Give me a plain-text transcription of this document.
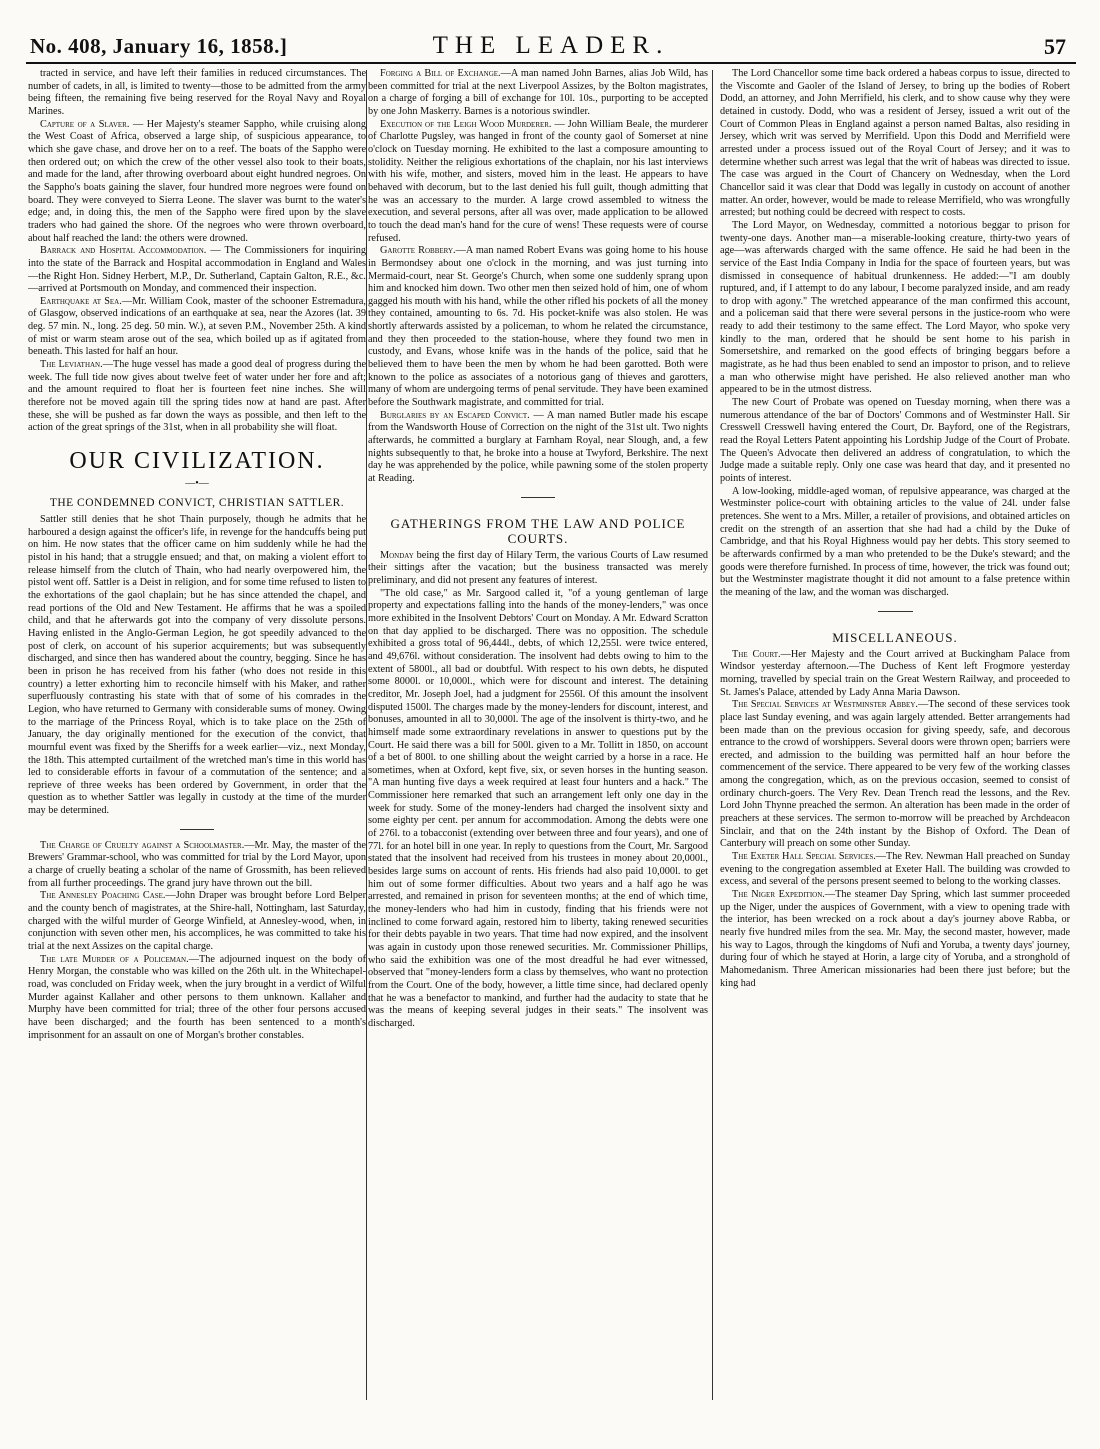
No. 408, January 16, 1858.]	THE LEADER.	57

tracted in service, and have left their families in reduced circumstances. The number of cadets, in all, is limited to twenty—those to be admitted from the army being fifteen, the remaining five being reserved for the Royal Navy and Royal Marines.

Capture of a Slaver. — Her Majesty's steamer Sappho, while cruising along the West Coast of Africa, observed a large ship, of suspicious appearance, to which she gave chase, and drove her on to a reef. The boats of the Sappho were then ordered out; on which the crew of the other vessel also took to their boats, and made for the land, after throwing overboard about eight hundred negroes. On the Sappho's boats gaining the slaver, four hundred more negroes were found on board. They were conveyed to Sierra Leone. The slaver was burnt to the water's edge; and, in doing this, the men of the Sappho were fired upon by the slave traders who had gained the shore. Of the negroes who were thrown overboard, about half reached the land: the others were drowned.

Barrack and Hospital Accommodation. — The Commissioners for inquiring into the state of the Barrack and Hospital accommodation in England and Wales—the Right Hon. Sidney Herbert, M.P., Dr. Sutherland, Captain Galton, R.E., &c.—arrived at Portsmouth on Monday, and commenced their inspection.

Earthquake at Sea.—Mr. William Cook, master of the schooner Estremadura, of Glasgow, observed indications of an earthquake at sea, near the Azores (lat. 39 deg. 57 min. N., long. 25 deg. 50 min. W.), at seven P.M., November 25th. A kind of mist or warm steam arose out of the sea, which boiled up as if agitated from beneath. This lasted for half an hour.

The Leviathan.—The huge vessel has made a good deal of progress during the week. The full tide now gives about twelve feet of water under her fore and aft; and the amount required to float her is fourteen feet nine inches. She will therefore not be moved again till the spring tides now at hand are past. After these, she will be pushed as far down the ways as possible, and then left to the action of the great springs of the 31st, when in all probability she will float.

OUR CIVILIZATION.
—•—
THE CONDEMNED CONVICT, CHRISTIAN SATTLER.

Sattler still denies that he shot Thain purposely, though he admits that he harboured a design against the officer's life, in revenge for the handcuffs being put on him. He now states that the officer came on him suddenly while he had the pistol in his hand; that a struggle ensued; and that, on making a violent effort to release himself from the clutch of Thain, who had nearly overpowered him, the pistol went off. Sattler is a Deist in religion, and for some time refused to listen to the exhortations of the gaol chaplain; but he has since attended the chapel, and read portions of the Old and New Testament. He affirms that he was a spoiled child, and that he afterwards got into the company of very dissolute persons. Having enlisted in the Anglo-German Legion, he got speedily advanced to the post of clerk, on account of his superior acquirements; but was subsequently discharged, and since then has wandered about the country, begging. Since he has been in prison he has received from his father (who does not reside in this country) a letter exhorting him to reconcile himself with his Maker, and rather superfluously contrasting his state with that of some of his comrades in the Legion, who have returned to Germany with considerable sums of money. Owing to the marriage of the Princess Royal, which is to take place on the 25th of January, the day originally mentioned for the execution of the convict, that mournful event was fixed by the Sheriffs for a week earlier—viz., next Monday, the 18th. This attempted curtailment of the wretched man's time in this world has led to considerable efforts in favour of a commutation of the sentence; and a reprieve of three weeks has been ordered by Government, in order that the question as to whether Sattler was legally in custody at the time of the murder may be determined.

The Charge of Cruelty against a Schoolmaster.—Mr. May, the master of the Brewers' Grammar-school, who was committed for trial by the Lord Mayor, upon a charge of cruelly beating a scholar of the name of Grossmith, has been relieved from all further proceedings. The grand jury have thrown out the bill.

The Annesley Poaching Case.—John Draper was brought before Lord Belper and the county bench of magistrates, at the Shire-hall, Nottingham, last Saturday, charged with the wilful murder of George Winfield, at Annesley-wood, when, in conjunction with seven other men, his accomplices, he was committed to take his trial at the next Assizes on the capital charge.

The late Murder of a Policeman.—The adjourned inquest on the body of Henry Morgan, the constable who was killed on the 26th ult. in the Whitechapel-road, was concluded on Friday week, when the jury brought in a verdict of Wilful Murder against Kallaher and other persons to them unknown. Kallaher and Murphy have been committed for trial; three of the other four persons accused have been discharged; and the fourth has been sentenced to a month's imprisonment for an assault on one of Morgan's brother constables.

Forging a Bill of Exchange.—A man named John Barnes, alias Job Wild, has been committed for trial at the next Liverpool Assizes, by the Bolton magistrates, on a charge of forging a bill of exchange for 10l. 10s., purporting to be accepted by one John Maskerry. Barnes is a notorious swindler.

Execution of the Leigh Wood Murderer. — John William Beale, the murderer of Charlotte Pugsley, was hanged in front of the county gaol of Somerset at nine o'clock on Tuesday morning. He exhibited to the last a composure amounting to stolidity. Neither the religious exhortations of the chaplain, nor his last interviews with his wife, mother, and sisters, moved him in the least. He appears to have behaved with decorum, but to the last denied his full guilt, though admitting that he was an accessary to the murder. A large crowd assembled to witness the execution, and several persons, after all was over, made application to be allowed to touch the dead man's hand for the cure of wens! These requests were of course refused.

Garotte Robbery.—A man named Robert Evans was going home to his house in Bermondsey about one o'clock in the morning, and was just turning into Mermaid-court, near St. George's Church, when some one suddenly sprang upon him and knocked him down. Two other men then seized hold of him, one of whom gagged his mouth with his hand, while the other rifled his pockets of all the money they contained, amounting to 6s. 7d. His pocket-knife was also stolen. He was shortly afterwards assisted by a policeman, to whom he related the circumstance, and they then proceeded to the station-house, where they found two men in custody, and Evans, whose knife was in the hands of the police, said that he believed them to have been the men by whom he had been garotted. Both were known to the police as associates of a notorious gang of thieves and garotters, many of whom are undergoing terms of penal servitude. They have been examined before the Southwark magistrate, and committed for trial.

Burglaries by an Escaped Convict. — A man named Butler made his escape from the Wandsworth House of Correction on the night of the 31st ult. Two nights afterwards, he committed a burglary at Farnham Royal, near Slough, and, a few nights subsequently to that, he broke into a house at Twyford, Berkshire. The next day he was apprehended by the police, while pawning some of the stolen property at Reading.

GATHERINGS FROM THE LAW AND POLICE COURTS.

Monday being the first day of Hilary Term, the various Courts of Law resumed their sittings after the vacation; but the business transacted was merely preliminary, and did not present any features of interest.

"The old case," as Mr. Sargood called it, "of a young gentleman of large property and expectations falling into the hands of the money-lenders," was once more exhibited in the Insolvent Debtors' Court on Monday. A Mr. Edward Scratton on that day applied to be discharged. There was no opposition. The schedule exhibited a gross total of 96,444l., debts, of which 12,255l. were twice entered, and 49,676l. without consideration. The insolvent had debts owing to him to the extent of 5800l., all bad or doubtful. With respect to his own debts, he disputed some 8000l. or 10,000l., which were for discount and interest. The detaining creditor, Mr. Joseph Joel, had a judgment for 2556l. Of this amount the insolvent disputed 1500l. The charges made by the money-lenders for discount, interest, and bonuses, amounted in all to 30,000l. The age of the insolvent is thirty-two, and he himself made some extraordinary revelations in answer to questions put by the Court. He said there was a bill for 500l. given to a Mr. Tollitt in 1850, on account of a bet of 800l. to one shilling about the weight carried by a horse in a race. He sometimes, when at Oxford, kept five, six, or seven horses in the hunting season. "A man hunting five days a week required at least four hunters and a hack." The Commissioner here remarked that such an arrangement left only one day in the week for study. Some of the money-lenders had charged the insolvent sixty and some eighty per cent. per annum for accommodation. Among the debts were one of 276l. to a tobacconist (extending over between three and four years), and one of 77l. for an hotel bill in one year. In reply to questions from the Court, Mr. Sargood stated that the insolvent had received from his trustees in money about 20,000l., besides large sums on account of rents. His friends had also paid 10,000l. to get him out of some former difficulties. About two years and a half ago he was arrested, and remained in prison for seventeen months; at the end of which time, the money-lenders who had him in custody, finding that his friends were not inclined to come forward again, restored him to liberty, taking renewed securities for their debts payable in two years. That time had now expired, and the insolvent was again in custody upon those renewed securities. Mr. Commissioner Phillips, who said the exhibition was one of the most dreadful he had ever witnessed, observed that "money-lenders form a class by themselves, who want no protection from the Court. One of the body, however, a little time since, had declared openly that he was a benefactor to mankind, and further had the audacity to state that he was the means of keeping several judges in their seats." The insolvent was discharged.

The Lord Chancellor some time back ordered a habeas corpus to issue, directed to the Viscomte and Gaoler of the Island of Jersey, to bring up the bodies of Robert Dodd, an attorney, and John Merrifield, his clerk, and to show cause why they were detained in custody. Dodd, who was a resident of Jersey, issued a writ out of the Court of Common Pleas in England against a person named Baltas, also residing in Jersey, which writ was served by Merrifield. Upon this Dodd and Merrifield were arrested under a process issued out of the Royal Court of Jersey; and it was to determine whether such arrest was legal that the writ of habeas was directed to issue. The case was argued in the Court of Chancery on Wednesday, when the Lord Chancellor said it was clear that Dodd was legally in custody on account of another matter. An order, however, would be made to release Merrifield, who was wrongfully arrested; but nothing could be decreed with respect to costs.

The Lord Mayor, on Wednesday, committed a notorious beggar to prison for twenty-one days. Another man—a miserable-looking creature, thirty-two years of age—was afterwards charged with the same offence. He said he had been in the service of the East India Company in India for the space of fourteen years, but was dismissed in consequence of habitual drunkenness. He added:—"I am doubly ruptured, and, if I attempt to do any labour, I become paralyzed inside, and am ready to drop with agony." The wretched appearance of the man confirmed this account, and a policeman said that there were several persons in the justice-room who were ready to add their testimony to the same effect. The Lord Mayor, who spoke very kindly to the man, ordered that he should be sent home to his parish in Somersetshire, and remarked on the good effects of bringing beggars before a magistrate, as he had thus been enabled to send an impostor to prison, and to relieve a man who otherwise might have perished. He also relieved another man who appeared to be in the utmost distress.

The new Court of Probate was opened on Tuesday morning, when there was a numerous attendance of the bar of Doctors' Commons and of Westminster Hall. Sir Cresswell Cresswell having entered the Court, Dr. Bayford, one of the Registrars, read the Royal Letters Patent appointing his Lordship Judge of the Court of Probate. The Queen's Advocate then delivered an address of congratulation, to which the Judge made a suitable reply. Only one case was heard that day, and it presented no points of interest.

A low-looking, middle-aged woman, of repulsive appearance, was charged at the Westminster police-court with obtaining articles to the value of 24l. under false pretences. She went to a Mrs. Miller, a retailer of provisions, and obtained articles on credit on the strength of an assertion that she had had a child by the Duke of Cambridge, and that his Royal Highness would pay her debts. This story seemed to be afterwards confirmed by a man who pretended to be the Duke's steward; and the goods were therefore furnished. In process of time, however, the trick was found out; but the Westminster magistrate thought it did not amount to a false pretence within the meaning of the law, and the woman was discharged.

MISCELLANEOUS.

The Court.—Her Majesty and the Court arrived at Buckingham Palace from Windsor yesterday afternoon.—The Duchess of Kent left Frogmore yesterday morning, travelled by special train on the Great Western Railway, and proceeded to St. James's Palace, attended by Lady Anna Maria Dawson.

The Special Services at Westminster Abbey.—The second of these services took place last Sunday evening, and was again largely attended. Better arrangements had been made than on the previous occasion for giving speedy, safe, and decorous entrance to the crowd of worshippers. Several doors were thrown open; barriers were erected, and admission to the building was permitted half an hour before the commencement of the service. There appeared to be very few of the working classes among the congregation, which, as on the previous occasion, seemed to consist of ordinary church-goers. The Very Rev. Dean Trench read the lessons, and the Rev. Lord John Thynne preached the sermon. An alteration has been made in the order of preachers at these services. The sermon to-morrow will be preached by Archdeacon Sinclair, and that on the 24th instant by the Bishop of Oxford. The Dean of Canterbury will preach on some other Sunday.

The Exeter Hall Special Services.—The Rev. Newman Hall preached on Sunday evening to the congregation assembled at Exeter Hall. The building was crowded to excess, and several of the persons present seemed to belong to the working classes.

The Niger Expedition.—The steamer Day Spring, which last summer proceeded up the Niger, under the auspices of Government, with a view to opening trade with the interior, has been wrecked on a rock about a day's journey above Rabba, or nearly five hundred miles from the sea. Mr. May, the second master, however, made his way to Lagos, through the kingdoms of Nufi and Yoruba, a twenty days' journey, during four of which he stayed at Horin, a large city of Yoruba, and a stronghold of Mahomedanism. Three American missionaries had been there just before; but the king had
